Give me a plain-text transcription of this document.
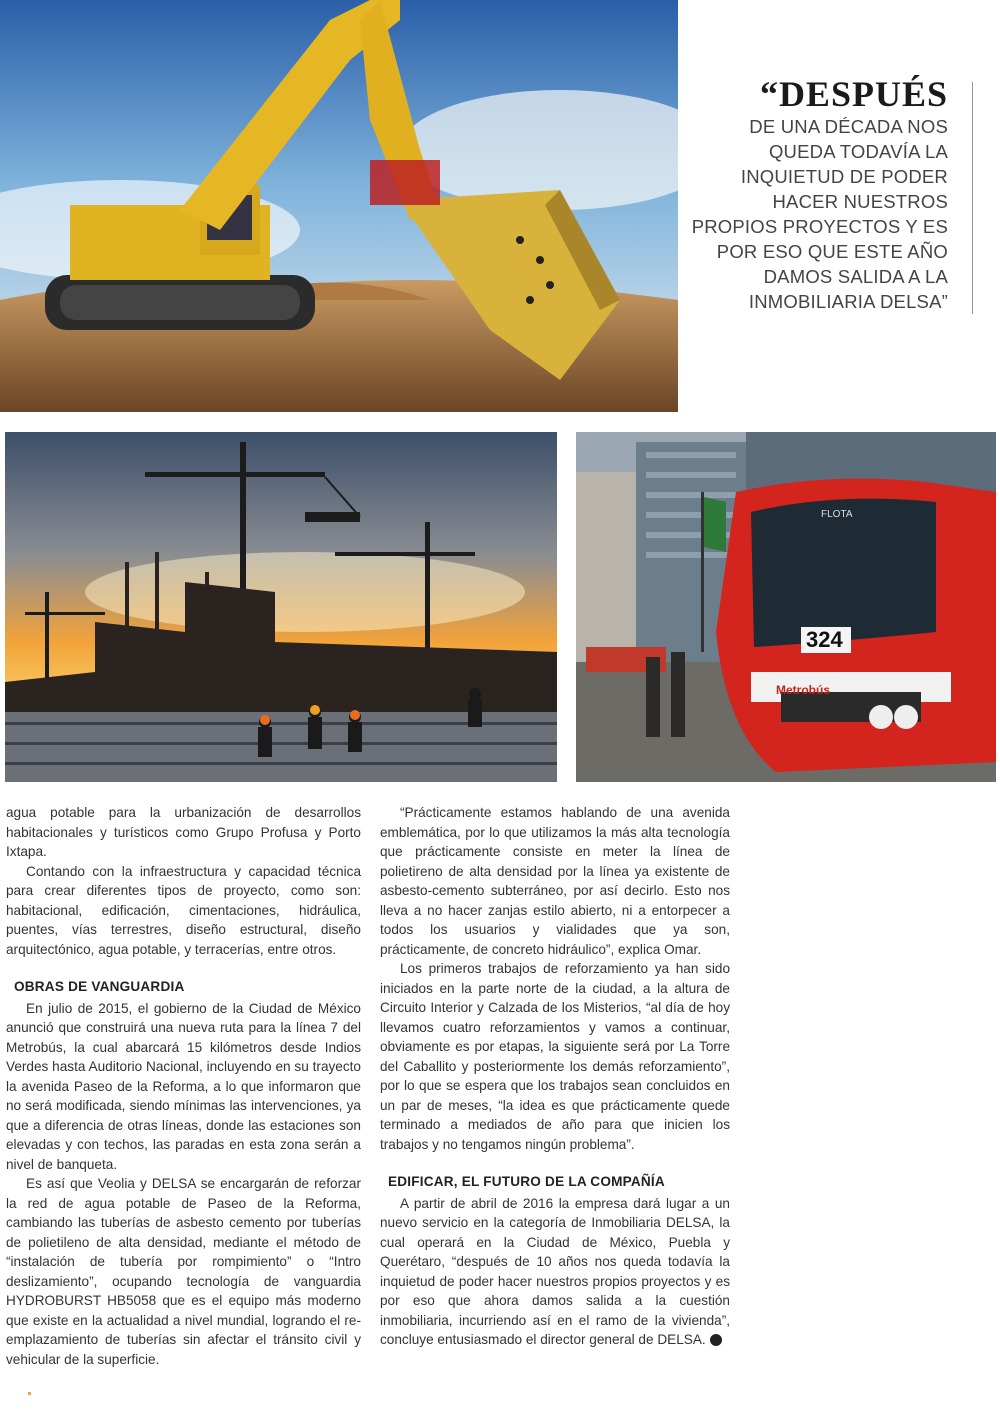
“DESPUÉS
DE UNA DÉCADA NOS QUEDA TODAVÍA LA INQUIETUD DE PODER HACER NUESTROS PROPIOS PROYECTOS Y ES POR ESO QUE ESTE AÑO DAMOS SALIDA A LA INMOBILIARIA DELSA”
324
Metrobús
FLOTA

agua potable para la urbanización de desarrollos habitacionales y turísticos como Grupo Profusa y Porto Ixtapa.

Contando con la infraestructura y capacidad técnica para crear diferentes tipos de proyecto, como son: habitacional, edificación, cimentaciones, hidráulica, puentes, vías terrestres, diseño estructural, diseño arquitectónico, agua potable, y terracerías, entre otros.

OBRAS DE VANGUARDIA

En julio de 2015, el gobierno de la Ciudad de México anunció que construirá una nueva ruta para la línea 7 del Metrobús, la cual abarcará 15 kilómetros desde Indios Verdes hasta Auditorio Nacional, incluyendo en su trayecto la avenida Paseo de la Reforma, a lo que informaron que no será modificada, siendo mínimas las intervenciones, ya que a diferencia de otras líneas, donde las estaciones son elevadas y con techos, las paradas en esta zona serán a nivel de banqueta.

Es así que Veolia y DELSA se encargarán de reforzar la red de agua potable de Paseo de la Reforma, cambiando las tuberías de asbesto cemento por tuberías de polietileno de alta densidad, mediante el método de “instalación de tubería por rompimiento” o “Intro deslizamiento”, ocupando tecnología de vanguardia HYDROBURST HB5058 que es el equipo más moderno que existe en la actualidad a nivel mundial, logrando el re-emplazamiento de tuberías sin afectar el tránsito civil y vehicular de la superficie.

“Prácticamente estamos hablando de una avenida emblemática, por lo que utilizamos la más alta tecnología que prácticamente consiste en meter la línea de polietireno de alta densidad por la línea ya existente de asbesto-cemento subterráneo, por así decirlo. Esto nos lleva a no hacer zanjas estilo abierto, ni a entorpecer a todos los usuarios y vialidades que ya son, prácticamente, de concreto hidráulico”, explica Omar.

Los primeros trabajos de reforzamiento ya han sido iniciados en la parte norte de la ciudad, a la altura de Circuito Interior y Calzada de los Misterios, “al día de hoy llevamos cuatro reforzamientos y vamos a continuar, obviamente es por etapas, la siguiente será por La Torre del Caballito y posteriormente los demás reforzamiento”, por lo que se espera que los trabajos sean concluidos en un par de meses, “la idea es que prácticamente quede terminado a mediados de año para que inicien los trabajos y no tengamos ningún problema”.

EDIFICAR, EL FUTURO DE LA COMPAÑÍA

A partir de abril de 2016 la empresa dará lugar a un nuevo servicio en la categoría de Inmobiliaria DELSA, la cual operará en la Ciudad de México, Puebla y Querétaro, “después de 10 años nos queda todavía la inquietud de poder hacer nuestros propios proyectos y es por eso que ahora damos salida a la cuestión inmobiliaria, incurriendo así en el ramo de la vivienda”, concluye entusiasmado el director general de DELSA.	h
